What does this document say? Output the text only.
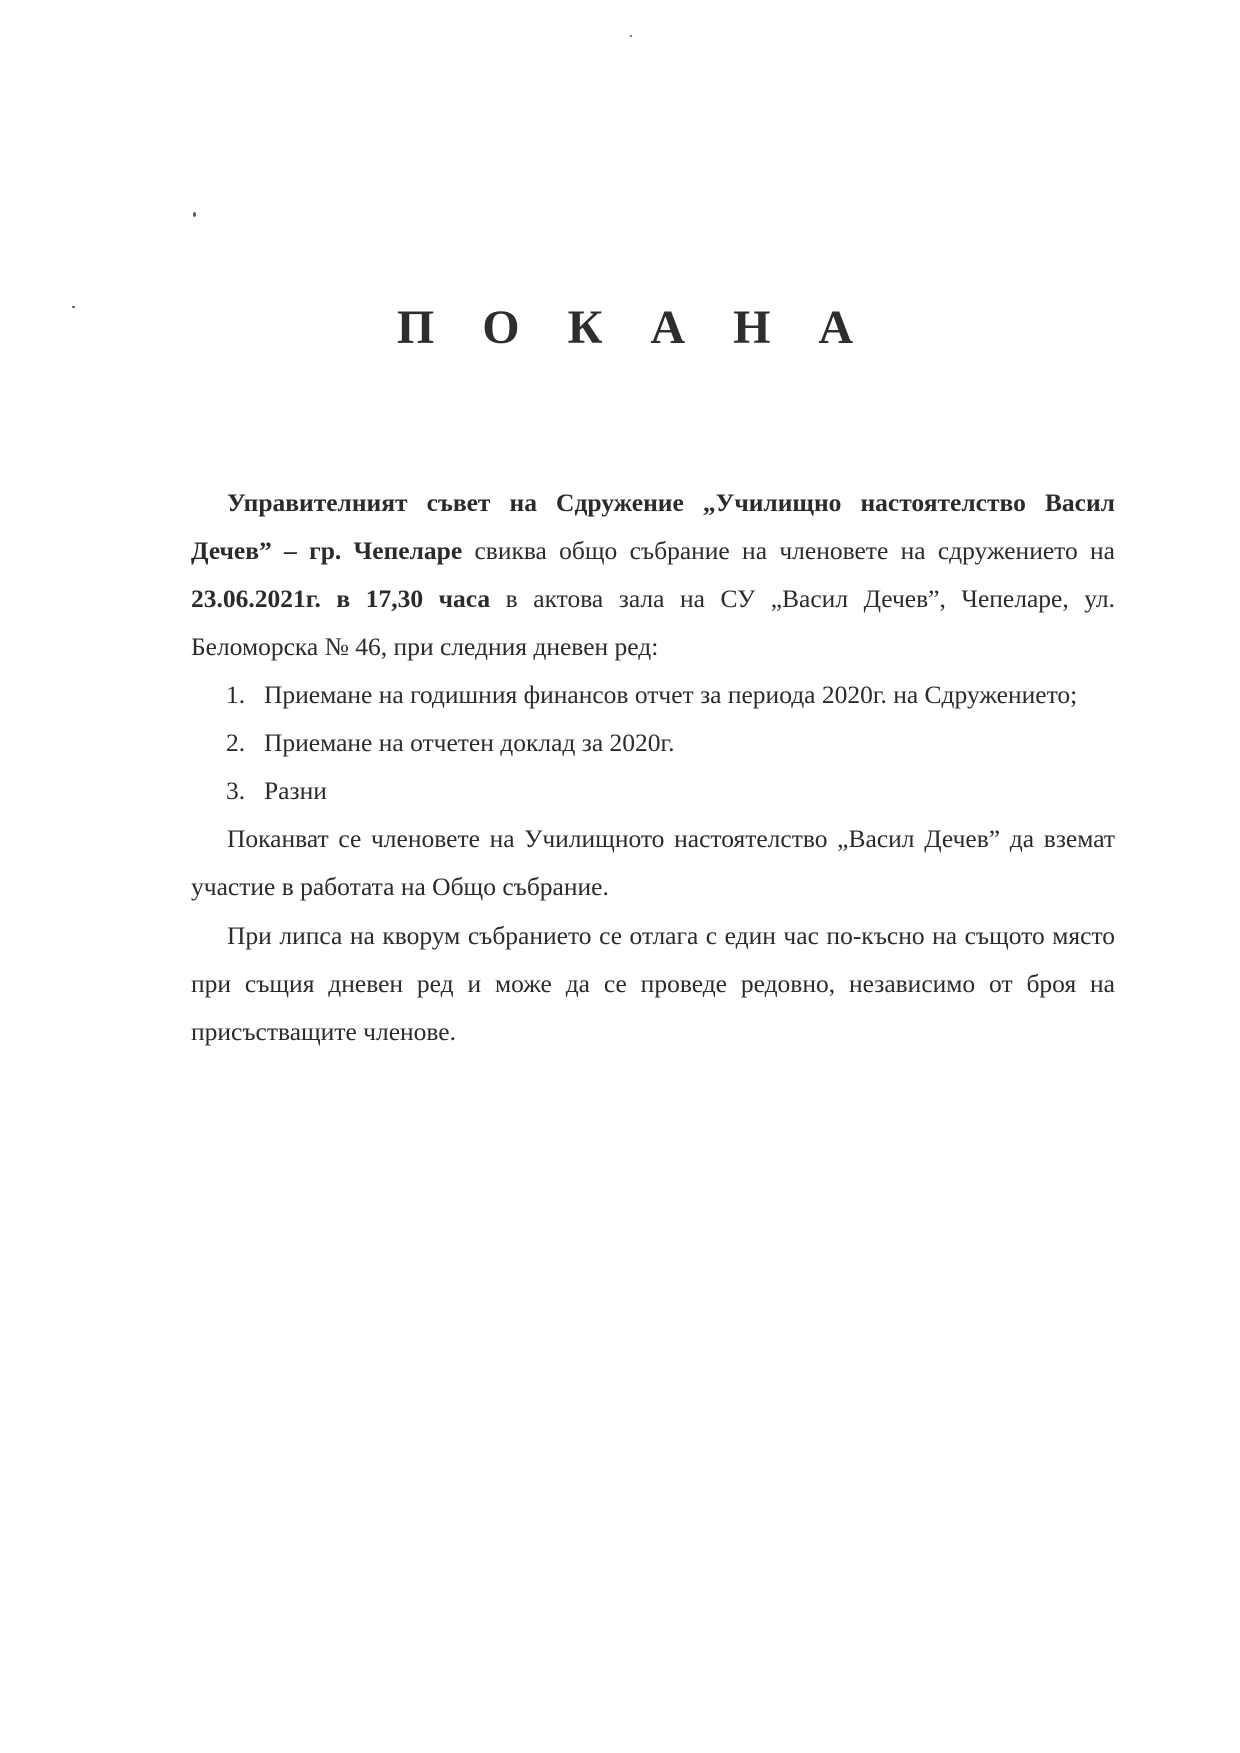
П О К А Н А

Управителният съвет на Сдружение „Училищно настоятелство Васил Дечев” – гр. Чепеларе свиква общо събрание на членовете на сдружението на 23.06.2021г. в 17,30 часа в актова зала на СУ „Васил Дечев”, Чепеларе, ул. Беломорска № 46, при следния дневен ред:

1. Приемане на годишния финансов отчет за периода 2020г. на Сдружението;
2. Приемане на отчетен доклад за 2020г.
3. Разни

Поканват се членовете на Училищното настоятелство „Васил Дечев” да вземат участие в работата на Общо събрание.

При липса на кворум събранието се отлага с един час по-късно на същото място при същия дневен ред и може да се проведе редовно, независимо от броя на присъстващите членове.
